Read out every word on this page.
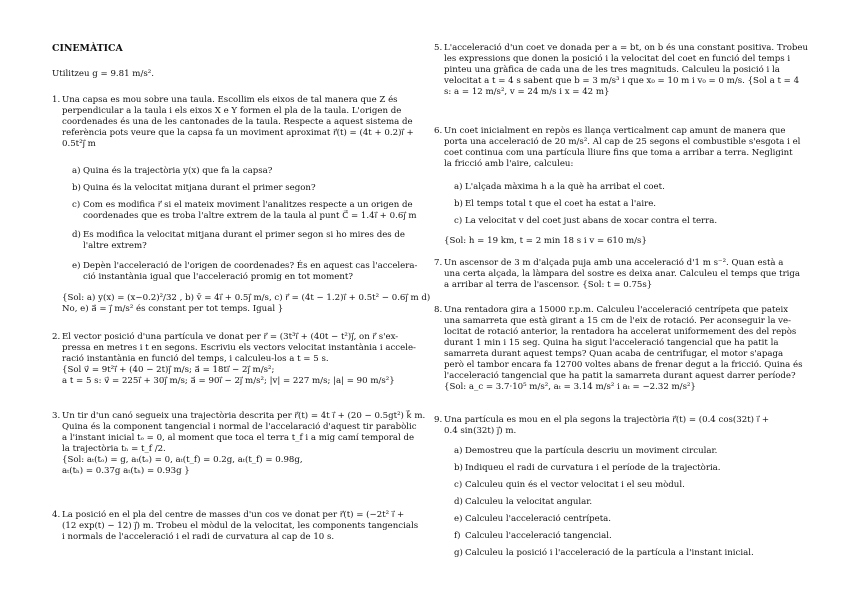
CINEMÀTICA
Utilitzeu g = 9.81 m/s².
1. Una capsa es mou sobre una taula. Escollim els eixos de tal manera que Z és
perpendicular a la taula i els eixos X e Y formen el pla de la taula. L'origen de
coordenades és una de les cantonades de la taula. Respecte a aquest sistema de
referència pots veure que la capsa fa un moviment aproximat r⃗(t) = (4t + 0.2)ı⃗ +
0.5t²ȷ⃗ m
a) Quina és la trajectòria y(x) que fa la capsa?
b) Quina és la velocitat mitjana durant el primer segon?
c) Com es modifica r⃗ si el mateix moviment l'analitzes respecte a un origen de
coordenades que es troba l'altre extrem de la taula al punt C⃗ = 1.4ı⃗ + 0.6ȷ⃗ m
d) Es modifica la velocitat mitjana durant el primer segon si ho mires des de
l'altre extrem?
e) Depèn l'acceleració de l'origen de coordenades? És en aquest cas l'accelera-
ció instantània igual que l'acceleració promig en tot moment?
{Sol: a) y(x) = (x−0.2)²/32 , b) v̄ = 4ı⃗ + 0.5ȷ⃗ m/s, c) r⃗ = (4t − 1.2)ı⃗ + 0.5t² − 0.6ȷ⃗ m d)
No, e) a⃗ = ȷ⃗ m/s² és constant per tot temps. Igual }
2. El vector posició d'una partícula ve donat per r⃗ = (3t³ı⃗ + (40t − t²)ȷ⃗, on r⃗ s'ex-
pressa en metres i t en segons. Escriviu els vectors velocitat instantània i accele-
ració instantània en funció del temps, i calculeu-los a t = 5 s.
{Sol v⃗ = 9t²ı⃗ + (40 − 2t)ȷ⃗ m/s; a⃗ = 18tı⃗ − 2ȷ⃗ m/s²;
a t = 5 s: v⃗ = 225ı⃗ + 30ȷ⃗ m/s; a⃗ = 90ı⃗ − 2ȷ⃗ m/s²; |v| = 227 m/s; |a| = 90 m/s²}
3. Un tir d'un canó segueix una trajectòria descrita per r⃗(t) = 4t ı⃗ + (20 − 0.5gt²) k⃗ m.
Quina és la component tangencial i normal de l'accelaració d'aquest tir parabòlic
a l'instant inicial tₒ = 0, al moment que toca el terra t_f i a mig camí temporal de
la trajectòria tₕ = t_f /2.
{Sol: aₜ(tₒ) = g, aₜ(tₒ) = 0, aₜ(t_f) = 0.2g, aₜ(t_f) = 0.98g,
aₜ(tₕ) = 0.37g aₜ(tₕ) = 0.93g }
4. La posició en el pla del centre de masses d'un cos ve donat per r⃗(t) = (−2t² ı⃗ +
(12 exp(t) − 12) ȷ⃗) m. Trobeu el mòdul de la velocitat, les components tangencials
i normals de l'acceleració i el radi de curvatura al cap de 10 s.
5. L'acceleració d'un coet ve donada per a = bt, on b és una constant positiva. Trobeu
les expressions que donen la posició i la velocitat del coet en funció del temps i
pinteu una gràfica de cada una de les tres magnituds. Calculeu la posició i la
velocitat a t = 4 s sabent que b = 3 m/s³ i que x₀ = 10 m i v₀ = 0 m/s. {Sol a t = 4
s: a = 12 m/s², v = 24 m/s i x = 42 m}
6. Un coet inicialment en repòs es llança verticalment cap amunt de manera que
porta una acceleració de 20 m/s². Al cap de 25 segons el combustible s'esgota i el
coet continua com una partícula lliure fins que toma a arribar a terra. Negligint
la fricció amb l'aire, calculeu:
a) L'alçada màxima h a la què ha arribat el coet.
b) El temps total t que el coet ha estat a l'aire.
c) La velocitat v del coet just abans de xocar contra el terra.
{Sol: h = 19 km, t = 2 min 18 s i v = 610 m/s}
7. Un ascensor de 3 m d'alçada puja amb una acceleració d'1 m s⁻². Quan està a
una certa alçada, la làmpara del sostre es deixa anar. Calculeu el temps que triga
a arribar al terra de l'ascensor. {Sol: t = 0.75s}
8. Una rentadora gira a 15000 r.p.m. Calculeu l'acceleració centrípeta que pateix
una samarreta que està girant a 15 cm de l'eix de rotació. Per aconseguir la ve-
locitat de rotació anterior, la rentadora ha accelerat uniformement des del repòs
durant 1 min i 15 seg. Quina ha sigut l'acceleració tangencial que ha patit la
samarreta durant aquest temps? Quan acaba de centrifugar, el motor s'apaga
però el tambor encara fa 12700 voltes abans de frenar degut a la fricció. Quina és
l'acceleració tangencial que ha patit la samarreta durant aquest darrer període?
{Sol: a_c = 3.7·10⁵ m/s², aₜ = 3.14 m/s² i aₜ = −2.32 m/s²}
9. Una partícula es mou en el pla segons la trajectòria r⃗(t) = (0.4 cos(32t) ı⃗ +
0.4 sin(32t) ȷ⃗) m.
a) Demostreu que la partícula descriu un moviment circular.
b) Indiqueu el radi de curvatura i el període de la trajectòria.
c) Calculeu quin és el vector velocitat i el seu mòdul.
d) Calculeu la velocitat angular.
e) Calculeu l'acceleració centrípeta.
f) Calculeu l'acceleració tangencial.
g) Calculeu la posició i l'acceleració de la partícula a l'instant inicial.
